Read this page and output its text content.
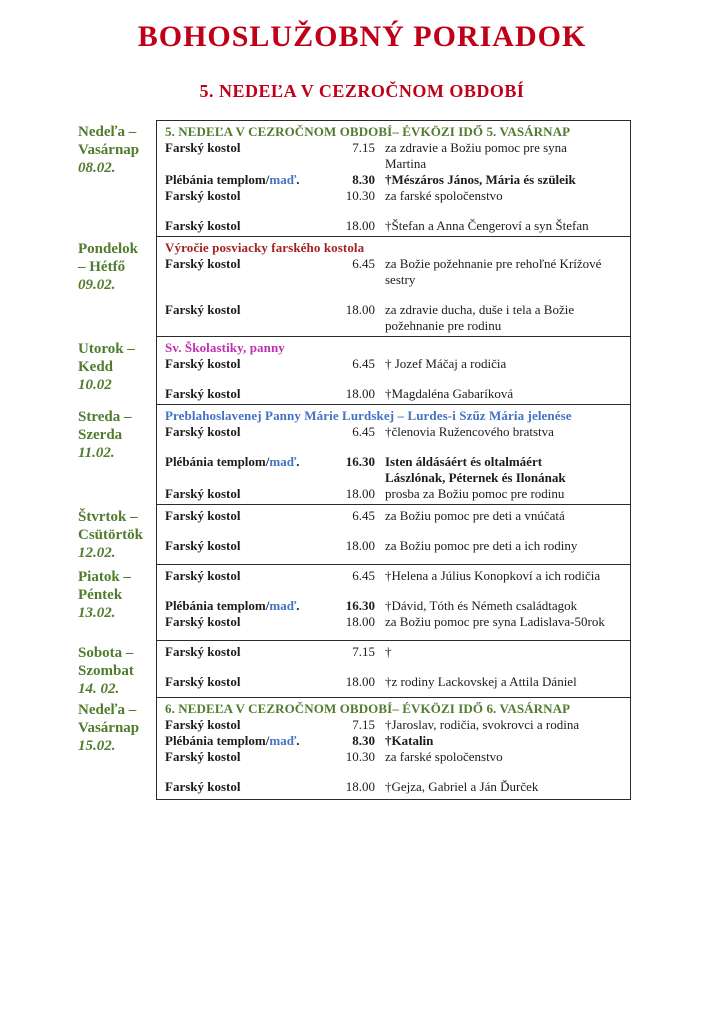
BOHOSLUŽOBNÝ PORIADOK
5. NEDEĽA V CEZROČNOM OBDOBÍ
Nedeľa –
Vasárnap
08.02.
5. NEDEĽA V CEZROČNOM OBDOBÍ– ÉVKÖZI IDŐ 5. VASÁRNAP
Farský kostol	7.15 za zdravie a Božiu pomoc pre syna
Martina
Plébánia templom/maď.	8.30 †Mészáros János, Mária és szüleik
Farský kostol	10.30 za farské spoločenstvo
Farský kostol	18.00 †Štefan a Anna Čengeroví a syn Štefan
Pondelok
– Hétfő
09.02.
Výročie posviacky farského kostola
Farský kostol	6.45 za Božie požehnanie pre rehoľné Krížové
sestry
Farský kostol	18.00 za zdravie ducha, duše i tela a Božie
požehnanie pre rodinu
Utorok –
Kedd
10.02
Sv. Školastiky, panny
Farský kostol	6.45 † Jozef Máčaj a rodičia
Farský kostol	18.00 †Magdaléna Gabaríková
Streda –
Szerda
11.02.
Preblahoslavenej Panny Márie Lurdskej – Lurdes-i Szűz Mária jelenése
Farský kostol	6.45 †členovia Ružencového bratstva
Plébánia templom/maď.	16.30 Isten áldásáért és oltalmáért
Lászlónak, Péternek és Ilonának
Farský kostol	18.00 prosba za Božiu pomoc pre rodinu
Štvrtok –
Csütörtök
12.02.
Farský kostol	6.45 za Božiu pomoc pre deti a vnúčatá
Farský kostol	18.00 za Božiu pomoc pre deti a ich rodiny
Piatok –
Péntek
13.02.
Farský kostol	6.45 †Helena a Július Konopkoví a ich rodičia
Plébánia templom/maď.	16.30 †Dávid, Tóth és Németh családtagok
Farský kostol	18.00 za Božiu pomoc pre syna Ladislava-50rok
Sobota –
Szombat
14. 02.
Farský kostol	7.15 †
Farský kostol	18.00 †z rodiny Lackovskej a Attila Dániel
Nedeľa –
Vasárnap
15.02.
6. NEDEĽA V CEZROČNOM OBDOBÍ– ÉVKÖZI IDŐ 6. VASÁRNAP
Farský kostol	7.15 †Jaroslav, rodičia, svokrovci a rodina
Plébánia templom/maď.	8.30 †Katalin
Farský kostol	10.30 za farské spoločenstvo
Farský kostol	18.00 †Gejza, Gabriel a Ján Ďurček
